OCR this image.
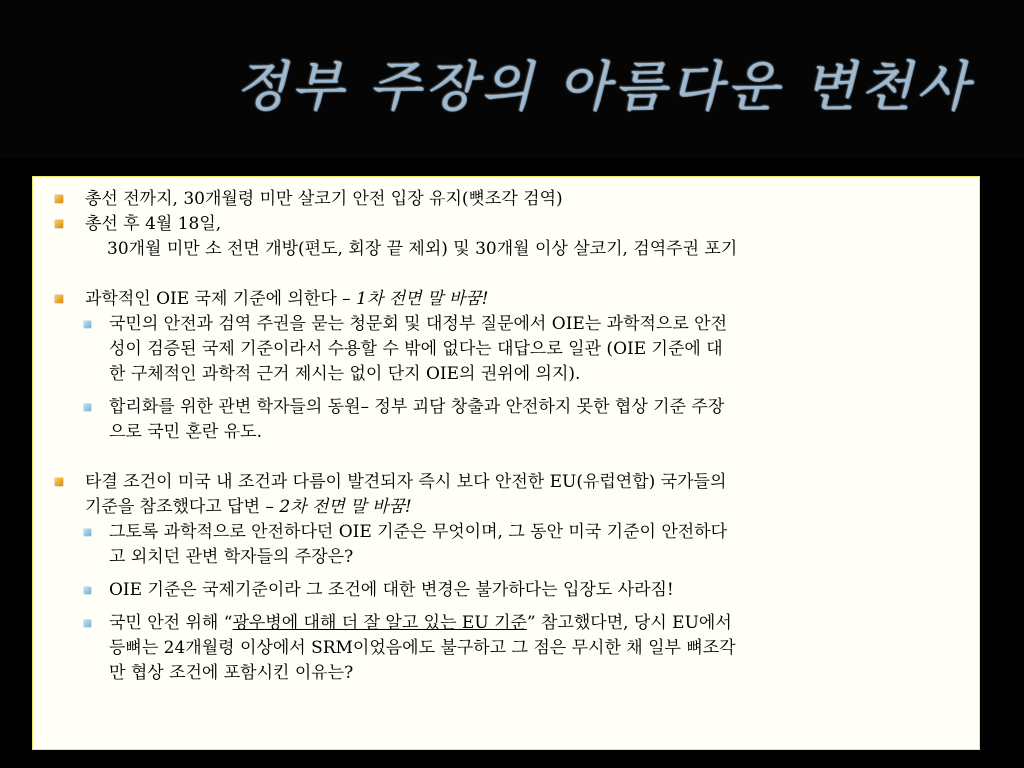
정부 주장의 아름다운 변천사
총선 전까지, 30개월령 미만 살코기 안전 입장 유지(뼛조각 검역)
총선 후 4월 18일,
30개월 미만 소 전면 개방(편도, 회장 끝 제외) 및 30개월 이상 살코기, 검역주권 포기
과학적인 OIE 국제 기준에 의한다 – 1차 전면 말 바꿈!
국민의 안전과 검역 주권을 묻는 청문회 및 대정부 질문에서 OIE는 과학적으로 안전
성이 검증된 국제 기준이라서 수용할 수 밖에 없다는 대답으로 일관 (OIE 기준에 대
한 구체적인 과학적 근거 제시는 없이 단지 OIE의 권위에 의지).
합리화를 위한 관변 학자들의 동원– 정부 괴담 창출과 안전하지 못한 협상 기준 주장
으로 국민 혼란 유도.
타결 조건이 미국 내 조건과 다름이 발견되자 즉시 보다 안전한 EU(유럽연합) 국가들의
기준을 참조했다고 답변 – 2차 전면 말 바꿈!
그토록 과학적으로 안전하다던 OIE 기준은 무엇이며, 그 동안 미국 기준이 안전하다
고 외치던 관변 학자들의 주장은?
OIE 기준은 국제기준이라 그 조건에 대한 변경은 불가하다는 입장도 사라짐!
국민 안전 위해 “광우병에 대해 더 잘 알고 있는 EU 기준” 참고했다면, 당시 EU에서
등뼈는 24개월령 이상에서 SRM이었음에도 불구하고 그 점은 무시한 채 일부 뼈조각
만 협상 조건에 포함시킨 이유는?
